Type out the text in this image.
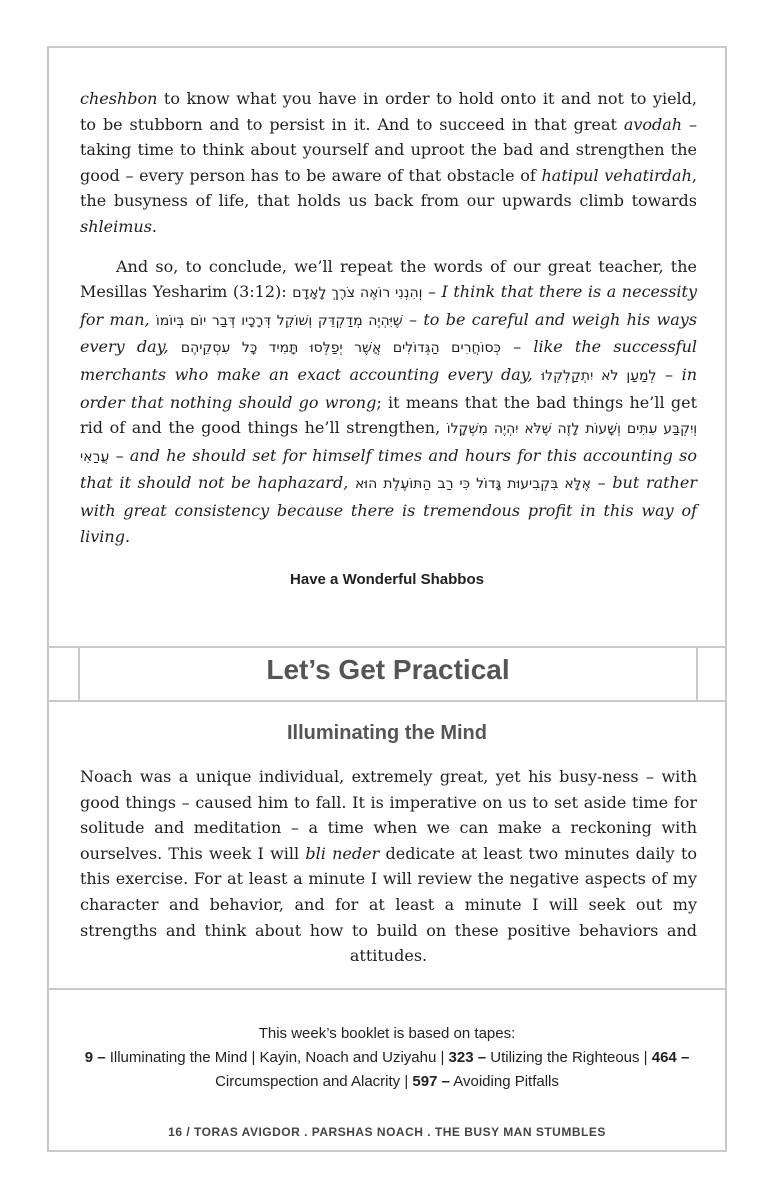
cheshbon to know what you have in order to hold onto it and not to yield, to be stubborn and to persist in it. And to succeed in that great avodah – taking time to think about yourself and uproot the bad and strengthen the good – every person has to be aware of that obstacle of hatipul vehatirdah, the busyness of life, that holds us back from our upwards climb towards shleimus.

And so, to conclude, we’ll repeat the words of our great teacher, the Mesillas Yesharim (3:12): וְהִנְנִי רוֹאֶה צֹרֶךְ לָאָדָם – I think that there is a necessity for man, שֶׁיִּהְיֶה מְדַקְדֵּק וְשׁוֹקֵל דְּרָכָיו דְּבַר יוֹם בְּיוֹמוֹ – to be careful and weigh his ways every day, כְּסוֹחֲרִים הַגְּדוֹלִים אֲשֶׁר יְפַלְּסוּ תָּמִיד כָּל עִסְקֵיהֶם – like the successful merchants who make an exact accounting every day, לְמַעַן לֹא יִתְקַלְקְלוּ – in order that nothing should go wrong; it means that the bad things he’ll get rid of and the good things he’ll strengthen, וְיִקְבַּע עִתִּים וְשָׁעוֹת לָזֶה שֶׁלֹּא יִהְיֶה מִשְׁקָלוֹ עֲרַאִי – and he should set for himself times and hours for this accounting so that it should not be haphazard, אֶלָּא בִּקְבִיעוּת גָּדוֹל כִּי רַב הַתּוֹעֶלֶת הוּא – but rather with great consistency because there is tremendous profit in this way of living.

Have a Wonderful Shabbos
Let’s Get Practical
Illuminating the Mind

Noach was a unique individual, extremely great, yet his busy-ness – with good things – caused him to fall. It is imperative on us to set aside time for solitude and meditation – a time when we can make a reckoning with ourselves. This week I will bli neder dedicate at least two minutes daily to this exercise. For at least a minute I will review the negative aspects of my character and behavior, and for at least a minute I will seek out my strengths and think about how to build on these positive behaviors and attitudes.

This week’s booklet is based on tapes:
9 – Illuminating the Mind | Kayin, Noach and Uziyahu | 323 – Utilizing the Righteous | 464 – Circumspection and Alacrity | 597 – Avoiding Pitfalls
16 / TORAS AVIGDOR . PARSHAS NOACH . THE BUSY MAN STUMBLES
